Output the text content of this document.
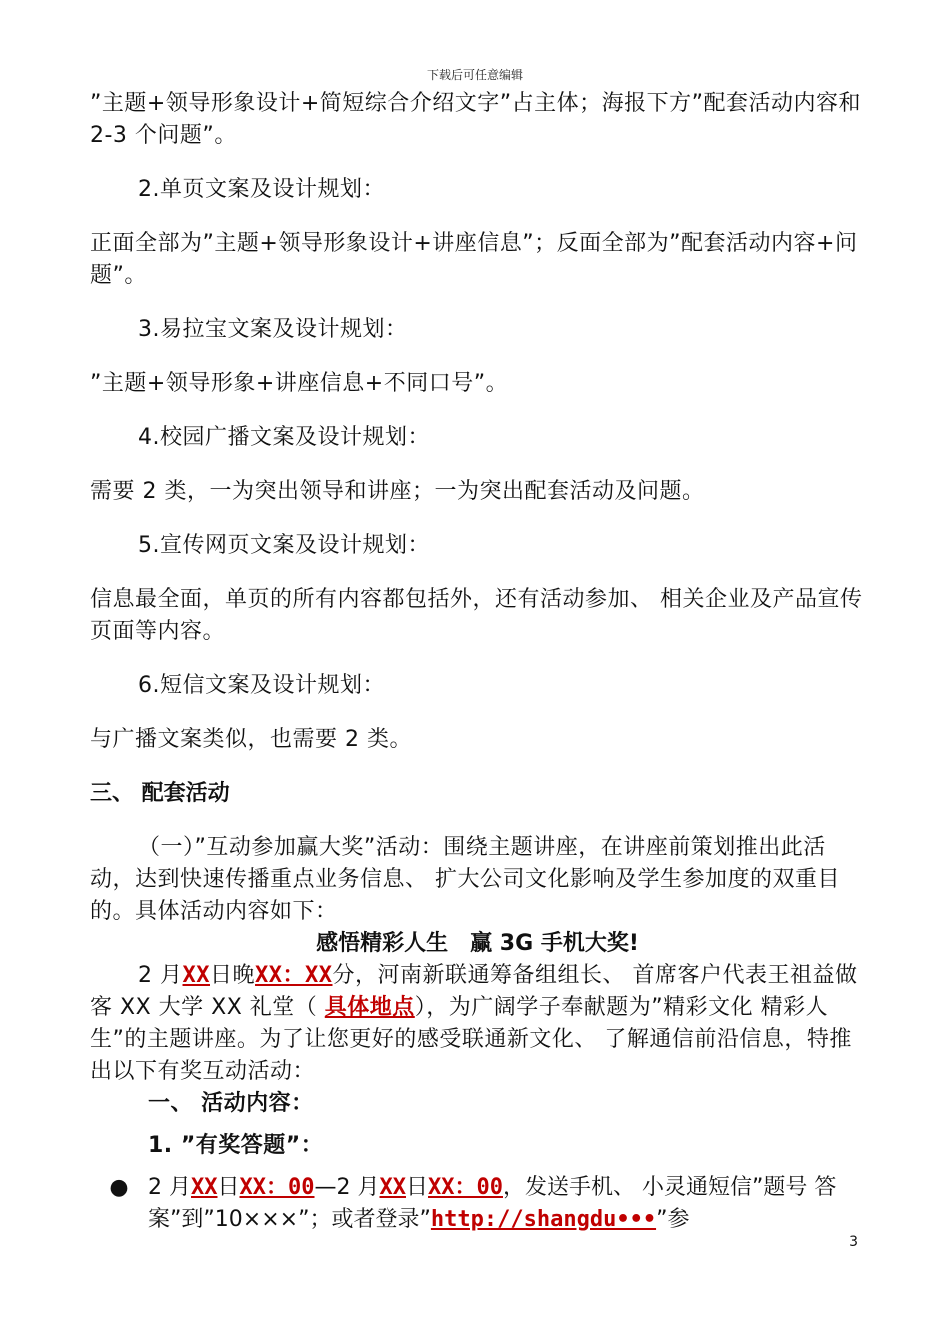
下载后可任意编辑

”主题+领导形象设计+简短综合介绍文字”占主体；海报下方”配套活动内容和 2-3 个问题”。

2.单页文案及设计规划：

正面全部为”主题+领导形象设计+讲座信息”；反面全部为”配套活动内容+问题”。

3.易拉宝文案及设计规划：

”主题+领导形象+讲座信息+不同口号”。

4.校园广播文案及设计规划：

需要 2 类，一为突出领导和讲座；一为突出配套活动及问题。

5.宣传网页文案及设计规划：

信息最全面，单页的所有内容都包括外，还有活动参加、 相关企业及产品宣传页面等内容。

6.短信文案及设计规划：

与广播文案类似，也需要 2 类。

三、 配套活动

（一）”互动参加赢大奖”活动：围绕主题讲座，在讲座前策划推出此活动，达到快速传播重点业务信息、 扩大公司文化影响及学生参加度的双重目的。具体活动内容如下：

感悟精彩人生　赢 3G 手机大奖!

2 月XX日晚XX：XX分，河南新联通筹备组组长、 首席客户代表王祖益做客 XX 大学 XX 礼堂（ 具体地点），为广阔学子奉献题为”精彩文化 精彩人生”的主题讲座。为了让您更好的感受联通新文化、 了解通信前沿信息，特推出以下有奖互动活动：

一、 活动内容：

1. ”有奖答题”：

● 2 月XX日XX：00—2 月XX日XX：00，发送手机、 小灵通短信”题号 答案”到”10×××”；或者登录”http://shangdu•••”参
3
